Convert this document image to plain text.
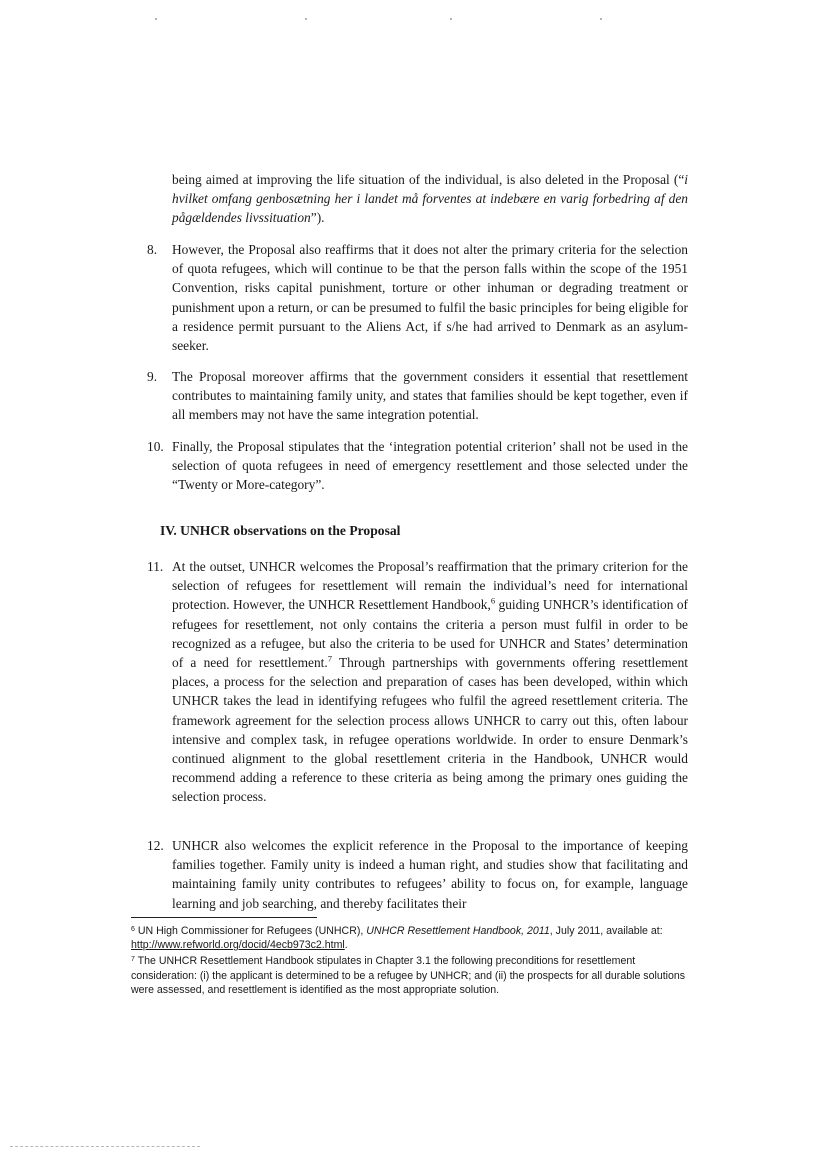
being aimed at improving the life situation of the individual, is also deleted in the Proposal (“i hvilket omfang genbosætning her i landet må forventes at indebære en varig forbedring af den pågældendes livssituation”).
8.	However, the Proposal also reaffirms that it does not alter the primary criteria for the selection of quota refugees, which will continue to be that the person falls within the scope of the 1951 Convention, risks capital punishment, torture or other inhuman or degrading treatment or punishment upon a return, or can be presumed to fulfil the basic principles for being eligible for a residence permit pursuant to the Aliens Act, if s/he had arrived to Denmark as an asylum-seeker.

9.	The Proposal moreover affirms that the government considers it essential that resettlement contributes to maintaining family unity, and states that families should be kept together, even if all members may not have the same integration potential.

10. Finally, the Proposal stipulates that the ‘integration potential criterion’ shall not be used in the selection of quota refugees in need of emergency resettlement and those selected under the “Twenty or More-category”.

IV. UNHCR observations on the Proposal
11. At the outset, UNHCR welcomes the Proposal’s reaffirmation that the primary criterion for the selection of refugees for resettlement will remain the individual’s need for international protection. However, the UNHCR Resettlement Handbook,$^6$ guiding UNHCR’s identification of refugees for resettlement, not only contains the criteria a person must fulfil in order to be recognized as a refugee, but also the criteria to be used for UNHCR and States’ determination of a need for resettlement.$^7$ Through partnerships with governments offering resettlement places, a process for the selection and preparation of cases has been developed, within which UNHCR takes the lead in identifying refugees who fulfil the agreed resettlement criteria. The framework agreement for the selection process allows UNHCR to carry out this, often labour intensive and complex task, in refugee operations worldwide. In order to ensure Denmark’s continued alignment to the global resettlement criteria in the Handbook, UNHCR would recommend adding a reference to these criteria as being among the primary ones guiding the selection process.

12. UNHCR also welcomes the explicit reference in the Proposal to the importance of keeping families together. Family unity is indeed a human right, and studies show that facilitating and maintaining family unity contributes to refugees’ ability to focus on, for example, language learning and job searching, and thereby facilitates their

$^6$ UN High Commissioner for Refugees (UNHCR), UNHCR Resettlement Handbook, 2011, July 2011, available at: http://www.refworld.org/docid/4ecb973c2.html.

$^7$ The UNHCR Resettlement Handbook stipulates in Chapter 3.1 the following preconditions for resettlement consideration: (i) the applicant is determined to be a refugee by UNHCR; and (ii) the prospects for all durable solutions were assessed, and resettlement is identified as the most appropriate solution.
